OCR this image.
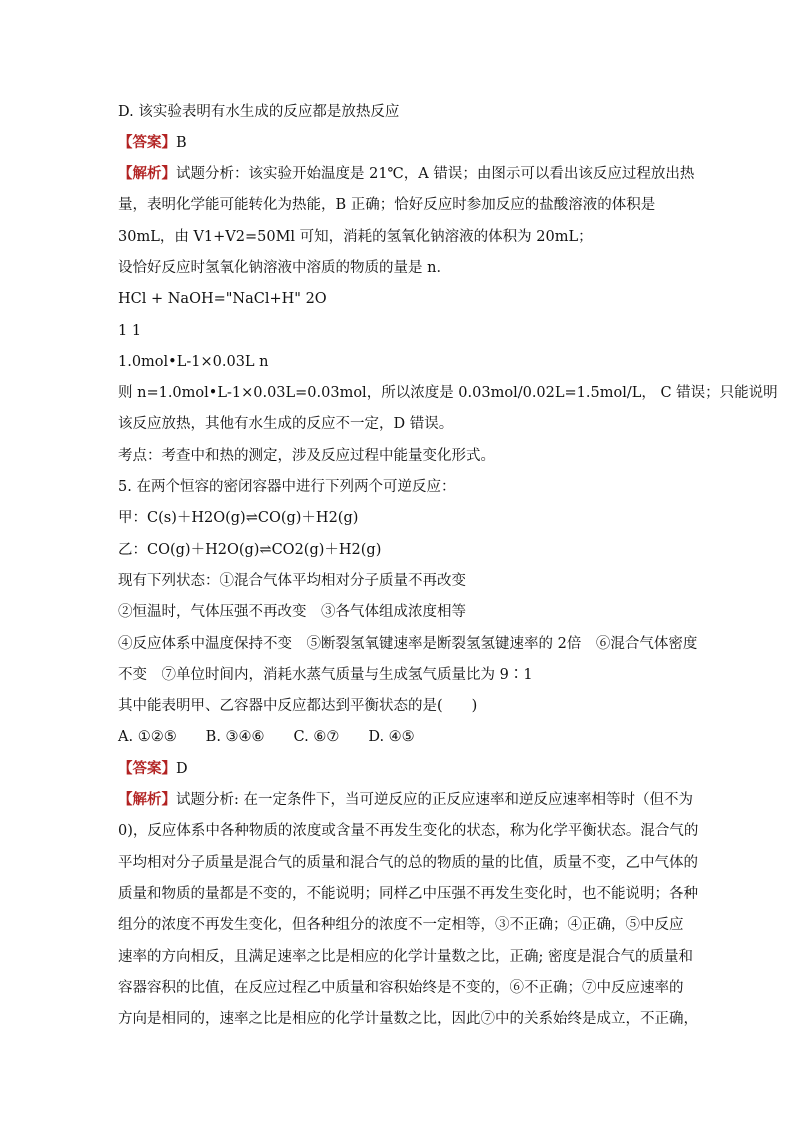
D. 该实验表明有水生成的反应都是放热反应
【答案】B
【解析】试题分析：该实验开始温度是 21℃，A 错误；由图示可以看出该反应过程放出热
量，表明化学能可能转化为热能，B 正确；恰好反应时参加反应的盐酸溶液的体积是
30mL，由 V1+V2=50Ml 可知，消耗的氢氧化钠溶液的体积为 20mL；
设恰好反应时氢氧化钠溶液中溶质的物质的量是 n．
HCl + NaOH="NaCl+H" 2O
1 1
1.0mol•L-1×0.03L n
则 n=1.0mol•L-1×0.03L=0.03mol，所以浓度是 0.03mol/0.02L=1.5mol/L， C 错误；只能说明
该反应放热，其他有水生成的反应不一定，D 错误。
考点：考查中和热的测定，涉及反应过程中能量变化形式。
5. 在两个恒容的密闭容器中进行下列两个可逆反应：
甲：C(s)＋H2O(g)⇌CO(g)＋H2(g)
乙：CO(g)＋H2O(g)⇌CO2(g)＋H2(g)
现有下列状态：①混合气体平均相对分子质量不再改变
②恒温时，气体压强不再改变　③各气体组成浓度相等
④反应体系中温度保持不变　⑤断裂氢氧键速率是断裂氢氢键速率的 2倍　⑥混合气体密度
不变　⑦单位时间内，消耗水蒸气质量与生成氢气质量比为 9∶1
其中能表明甲、乙容器中反应都达到平衡状态的是(　　)
A. ①②⑤　　B. ③④⑥　　C. ⑥⑦　　D. ④⑤
【答案】D
【解析】试题分析: 在一定条件下，当可逆反应的正反应速率和逆反应速率相等时（但不为
0)，反应体系中各种物质的浓度或含量不再发生变化的状态，称为化学平衡状态。混合气的
平均相对分子质量是混合气的质量和混合气的总的物质的量的比值，质量不变，乙中气体的
质量和物质的量都是不变的，不能说明；同样乙中压强不再发生变化时，也不能说明；各种
组分的浓度不再发生变化，但各种组分的浓度不一定相等，③不正确；④正确，⑤中反应
速率的方向相反，且满足速率之比是相应的化学计量数之比，正确; 密度是混合气的质量和
容器容积的比值，在反应过程乙中质量和容积始终是不变的，⑥不正确；⑦中反应速率的
方向是相同的，速率之比是相应的化学计量数之比，因此⑦中的关系始终是成立，不正确，
